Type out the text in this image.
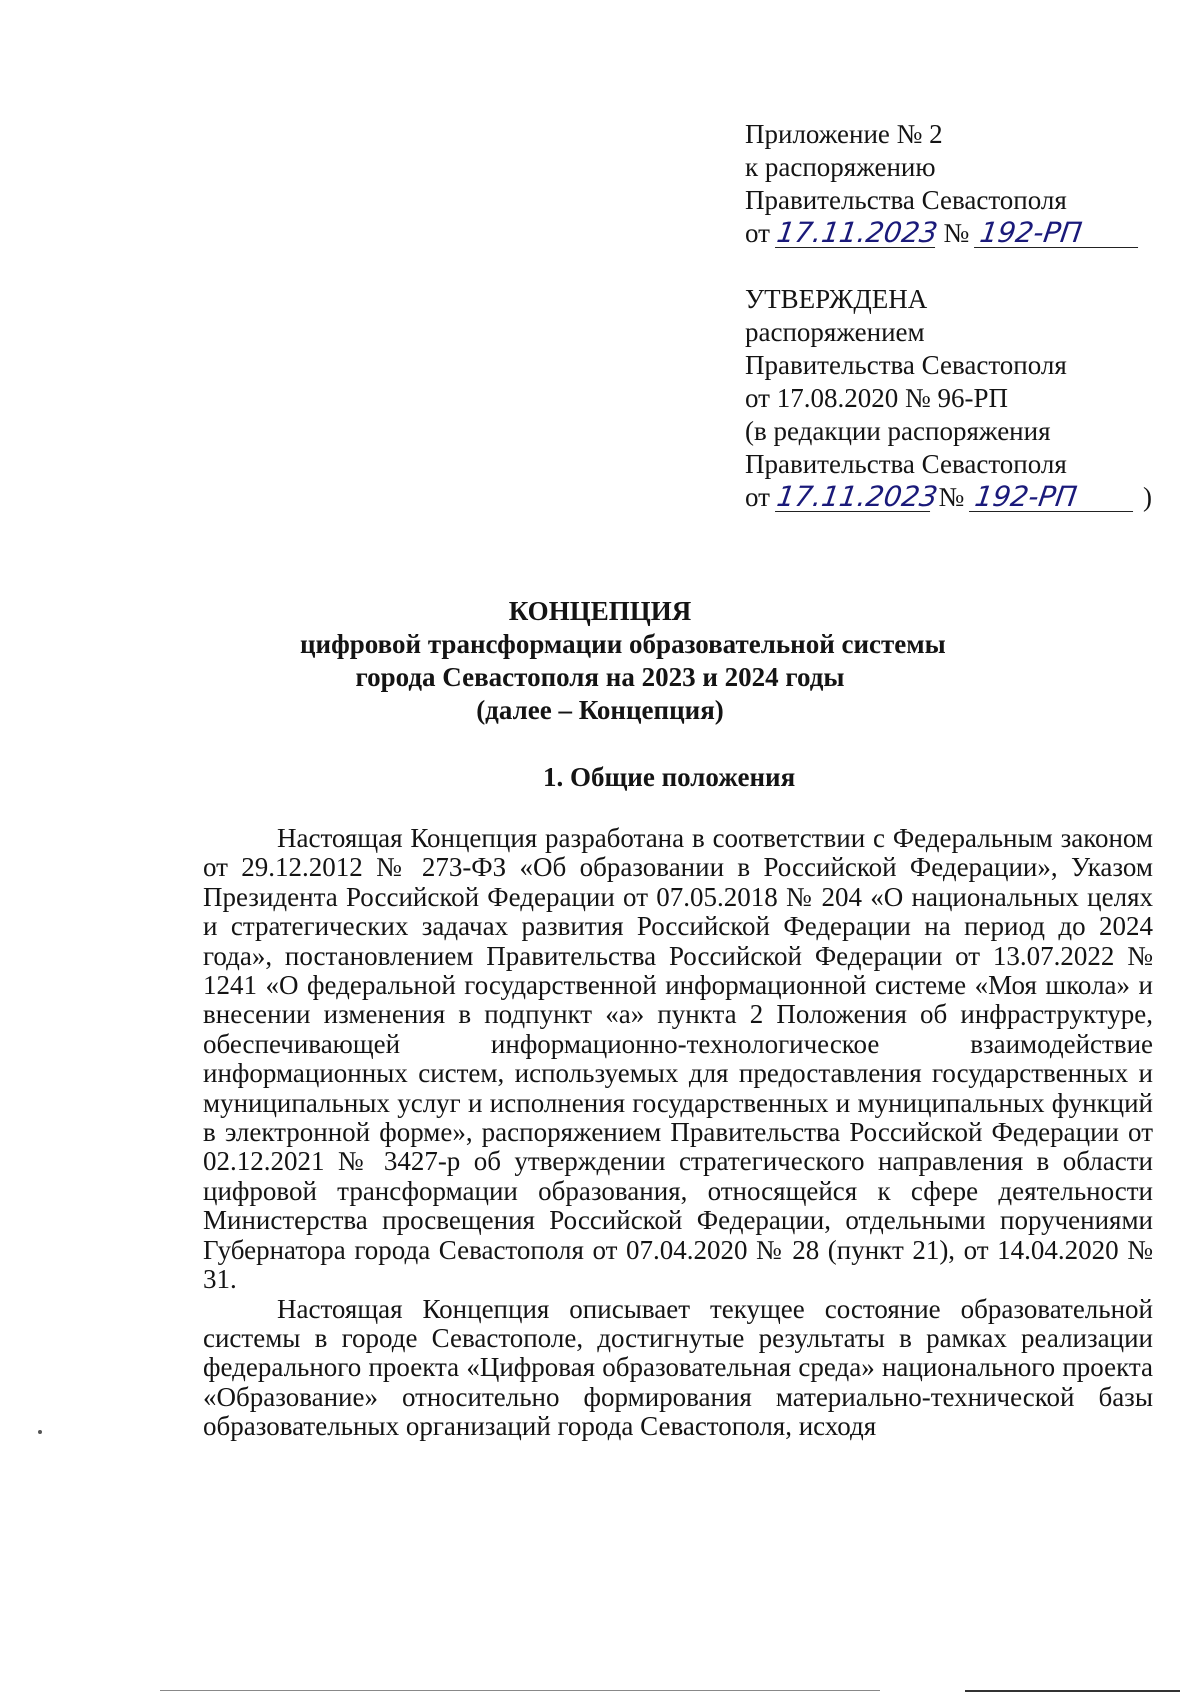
Приложение № 2
к распоряжению
Правительства Севастополя
от 17.11.2023 № 192-РП
УТВЕРЖДЕНА
распоряжением
Правительства Севастополя
от 17.08.2020 № 96-РП
(в редакции распоряжения
Правительства Севастополя
от 17.11.2023 № 192-РП )
КОНЦЕПЦИЯ
цифровой трансформации образовательной системы
города Севастополя на 2023 и 2024 годы
(далее – Концепция)
1. Общие положения

Настоящая Концепция разработана в соответствии с Федеральным законом от 29.12.2012 № 273-ФЗ «Об образовании в Российской Федерации», Указом Президента Российской Федерации от 07.05.2018 № 204 «О национальных целях и стратегических задачах развития Российской Федерации на период до 2024 года», постановлением Правительства Российской Федерации от 13.07.2022 № 1241 «О федеральной государственной информационной системе «Моя школа» и внесении изменения в подпункт «а» пункта 2 Положения об инфраструктуре, обеспечивающей информационно-технологическое взаимодействие информационных систем, используемых для предоставления государственных и муниципальных услуг и исполнения государственных и муниципальных функций в электронной форме», распоряжением Правительства Российской Федерации от 02.12.2021 № 3427-р об утверждении стратегического направления в области цифровой трансформации образования, относящейся к сфере деятельности Министерства просвещения Российской Федерации, отдельными поручениями Губернатора города Севастополя от 07.04.2020 № 28 (пункт 21), от 14.04.2020 № 31.

Настоящая Концепция описывает текущее состояние образовательной системы в городе Севастополе, достигнутые результаты в рамках реализации федерального проекта «Цифровая образовательная среда» национального проекта «Образование» относительно формирования материально-технической базы образовательных организаций города Севастополя, исходя
